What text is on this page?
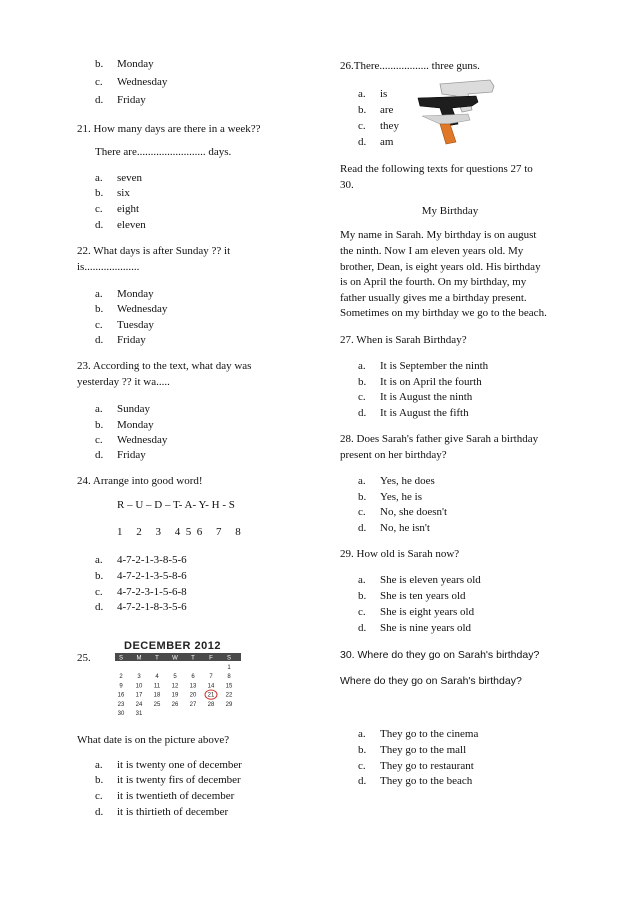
b. Monday
c. Wednesday
d. Friday
21. How many days are there in a week??
There are......................... days.
a. seven
b. six
c. eight
d. eleven
22. What days is after Sunday ?? it
is....................
a. Monday
b. Wednesday
c. Tuesday
d. Friday
23. According to the text, what day was
yesterday ?? it wa.....
a. Sunday
b. Monday
c. Wednesday
d. Friday
24. Arrange into good word!
R – U – D – T- A- Y- H - S
1     2     3     4  5  6     7     8
a. 4-7-2-1-3-8-5-6
b. 4-7-2-1-3-5-8-6
c. 4-7-2-3-1-5-6-8
d. 4-7-2-1-8-3-5-6
25.
DECEMBER 2012
S M T W T F S
1
2 3 4 5 6 7 8
9 10 11 12 13 14 15
16 17 18 19 20 21 22
23 24 25 26 27 28 29
30 31
What date is on the picture above?
a. it is twenty one of december
b. it is twenty firs of december
c. it is twentieth of december
d. it is thirtieth of december
26.There.................. three guns.
a. is
b. are
c. they
d. am
Read the following texts for questions 27 to
30.
My Birthday
My name in Sarah. My birthday is on august
the ninth. Now I am eleven years old. My
brother, Dean, is eight years old. His birthday
is on April the fourth. On my birthday, my
father usually gives me a birthday present.
Sometimes on my birthday we go to the beach.
27. When is Sarah Birthday?
a. It is September the ninth
b. It is on April the fourth
c. It is August the ninth
d. It is August the fifth
28. Does Sarah's father give Sarah a birthday
present on her birthday?
a. Yes, he does
b. Yes, he is
c. No, she doesn't
d. No, he isn't
29. How old is Sarah now?
a. She is eleven years old
b. She is ten years old
c. She is eight years old
d. She is nine years old
30. Where do they go on Sarah's birthday?
Where do they go on Sarah's birthday?
a. They go to the cinema
b. They go to the mall
c. They go to restaurant
d. They go to the beach
